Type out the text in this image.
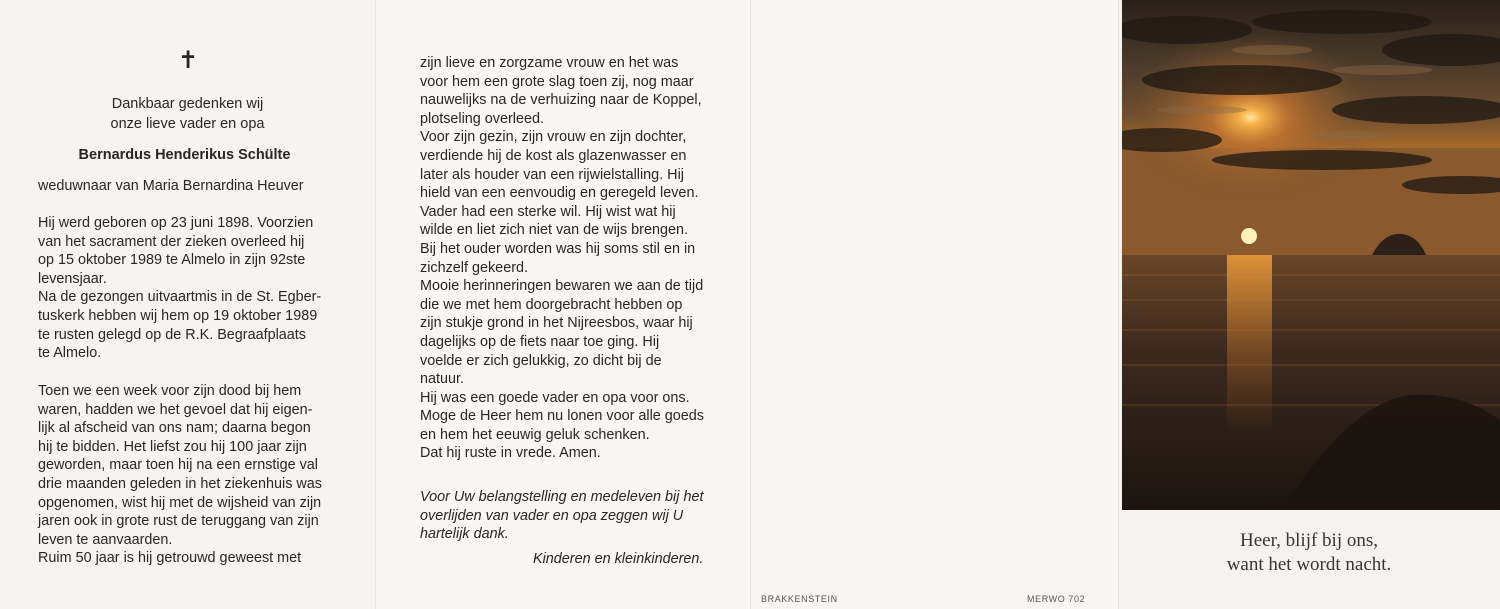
✝
Dankbaar gedenken wij
onze lieve vader en opa
Bernardus Henderikus Schülte
weduwnaar van Maria Bernardina Heuver
Hij werd geboren op 23 juni 1898. Voorzien
van het sacrament der zieken overleed hij
op 15 oktober 1989 te Almelo in zijn 92ste
levensjaar.
Na de gezongen uitvaartmis in de St. Egber-
tuskerk hebben wij hem op 19 oktober 1989
te rusten gelegd op de R.K. Begraafplaats
te Almelo.
Toen we een week voor zijn dood bij hem
waren, hadden we het gevoel dat hij eigen-
lijk al afscheid van ons nam; daarna begon
hij te bidden. Het liefst zou hij 100 jaar zijn
geworden, maar toen hij na een ernstige val
drie maanden geleden in het ziekenhuis was
opgenomen, wist hij met de wijsheid van zijn
jaren ook in grote rust de teruggang van zijn
leven te aanvaarden.
Ruim 50 jaar is hij getrouwd geweest met
zijn lieve en zorgzame vrouw en het was
voor hem een grote slag toen zij, nog maar
nauwelijks na de verhuizing naar de Koppel,
plotseling overleed.
Voor zijn gezin, zijn vrouw en zijn dochter,
verdiende hij de kost als glazenwasser en
later als houder van een rijwielstalling. Hij
hield van een eenvoudig en geregeld leven.
Vader had een sterke wil. Hij wist wat hij
wilde en liet zich niet van de wijs brengen.
Bij het ouder worden was hij soms stil en in
zichzelf gekeerd.
Mooie herinneringen bewaren we aan de tijd
die we met hem doorgebracht hebben op
zijn stukje grond in het Nijreesbos, waar hij
dagelijks op de fiets naar toe ging. Hij
voelde er zich gelukkig, zo dicht bij de
natuur.
Hij was een goede vader en opa voor ons.
Moge de Heer hem nu lonen voor alle goeds
en hem het eeuwig geluk schenken.
Dat hij ruste in vrede. Amen.
Voor Uw belangstelling en medeleven bij het
overlijden van vader en opa zeggen wij U
hartelijk dank.
Kinderen en kleinkinderen.
BRAKKENSTEIN	MERWO 702
Heer, blijf bij ons,
want het wordt nacht.
